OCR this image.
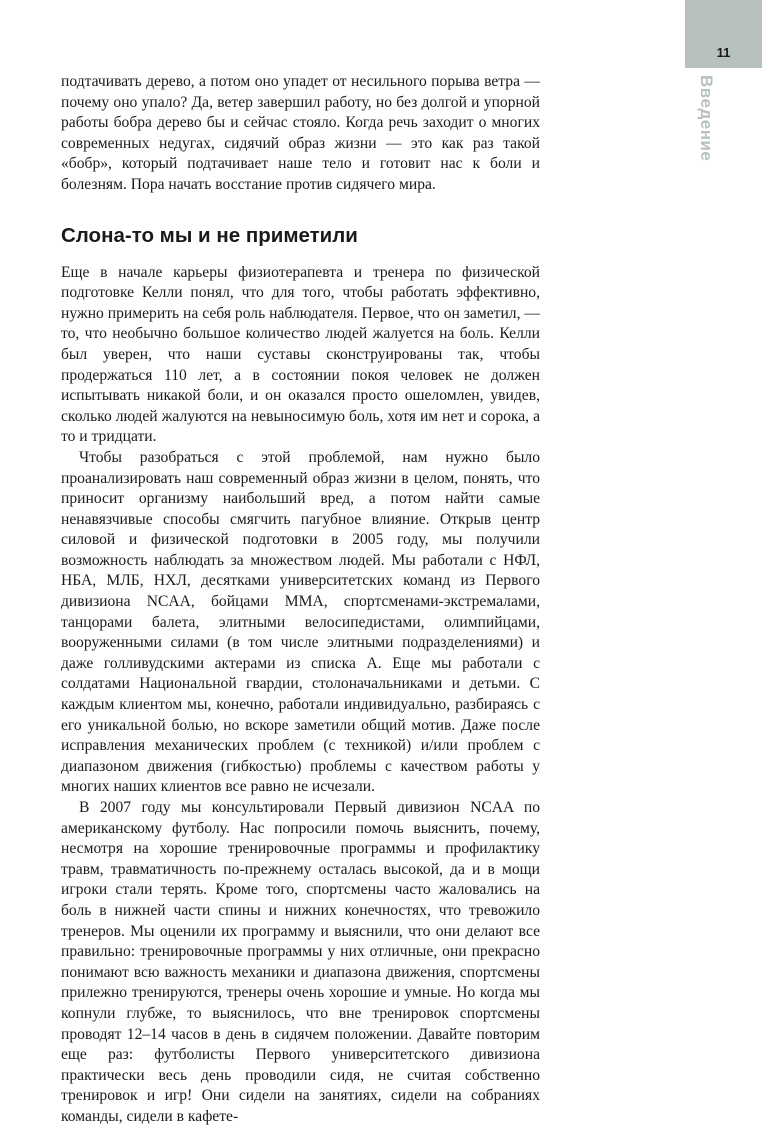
11
Введение

подтачивать дерево, а потом оно упадет от несильного порыва ветра — почему оно упало? Да, ветер завершил работу, но без долгой и упорной работы бобра дерево бы и сейчас стояло. Когда речь заходит о многих современных недугах, сидячий образ жизни — это как раз такой «бобр», который подтачивает наше тело и готовит нас к боли и болезням. Пора начать восстание против сидячего мира.

Слона-то мы и не приметили

Еще в начале карьеры физиотерапевта и тренера по физической подготовке Келли понял, что для того, чтобы работать эффективно, нужно примерить на себя роль наблюдателя. Первое, что он заметил, — то, что необычно большое количество людей жалуется на боль. Келли был уверен, что наши суставы сконструированы так, чтобы продержаться 110 лет, а в состоянии покоя человек не должен испытывать никакой боли, и он оказался просто ошеломлен, увидев, сколько людей жалуются на невыносимую боль, хотя им нет и сорока, а то и тридцати.

Чтобы разобраться с этой проблемой, нам нужно было проанализировать наш современный образ жизни в целом, понять, что приносит организму наибольший вред, а потом найти самые ненавязчивые способы смягчить пагубное влияние. Открыв центр силовой и физической подготовки в 2005 году, мы получили возможность наблюдать за множеством людей. Мы работали с НФЛ, НБА, МЛБ, НХЛ, десятками университетских команд из Первого дивизиона NCAA, бойцами ММА, спортсменами-экстремалами, танцорами балета, элитными велосипедистами, олимпийцами, вооруженными силами (в том числе элитными подразделениями) и даже голливудскими актерами из списка А. Еще мы работали с солдатами Национальной гвардии, столоначальниками и детьми. С каждым клиентом мы, конечно, работали индивидуально, разбираясь с его уникальной болью, но вскоре заметили общий мотив. Даже после исправления механических проблем (с техникой) и/или проблем с диапазоном движения (гибкостью) проблемы с качеством работы у многих наших клиентов все равно не исчезали.

В 2007 году мы консультировали Первый дивизион NCAA по американскому футболу. Нас попросили помочь выяснить, почему, несмотря на хорошие тренировочные программы и профилактику травм, травматичность по-прежнему осталась высокой, да и в мощи игроки стали терять. Кроме того, спортсмены часто жаловались на боль в нижней части спины и нижних конечностях, что тревожило тренеров. Мы оценили их программу и выяснили, что они делают все правильно: тренировочные программы у них отличные, они прекрасно понимают всю важность механики и диапазона движения, спортсмены прилежно тренируются, тренеры очень хорошие и умные. Но когда мы копнули глубже, то выяснилось, что вне тренировок спортсмены проводят 12–14 часов в день в сидячем положении. Давайте повторим еще раз: футболисты Первого университетского дивизиона практически весь день проводили сидя, не считая собственно тренировок и игр! Они сидели на занятиях, сидели на собраниях команды, сидели в кафете-
